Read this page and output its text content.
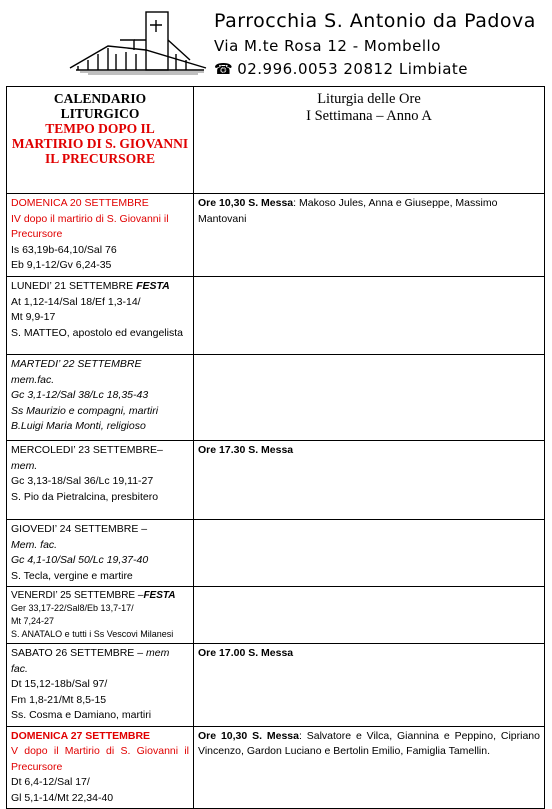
Parrocchia S. Antonio da Padova
Via M.te Rosa 12 - Mombello
☎ 02.996.0053 20812 Limbiate
CALENDARIO
LITURGICO
TEMPO DOPO IL MARTIRIO DI S. GIOVANNI IL PRECURSORE	Liturgia delle Ore
I Settimana – Anno A

DOMENICA 20 SETTEMBRE
IV dopo il martirio di S. Giovanni il Precursore
Is 63,19b-64,10/Sal 76
Eb 9,1-12/Gv 6,24-35	Ore 10,30 S. Messa: Makoso Jules, Anna e Giuseppe, Massimo Mantovani

LUNEDI’ 21 SETTEMBRE FESTA
At 1,12-14/Sal 18/Ef 1,3-14/
Mt 9,9-17
S. MATTEO, apostolo ed evangelista	

MARTEDI’ 22 SETTEMBRE
mem.fac.
Gc 3,1-12/Sal 38/Lc 18,35-43
Ss Maurizio e compagni, martiri
B.Luigi Maria Monti, religioso	

MERCOLEDI’ 23 SETTEMBRE–
mem.
Gc 3,13-18/Sal 36/Lc 19,11-27
S. Pio da Pietralcina, presbitero	Ore 17.30 S. Messa

GIOVEDI’ 24 SETTEMBRE –
Mem. fac.
Gc 4,1-10/Sal 50/Lc 19,37-40
S. Tecla, vergine e martire	

VENERDI’ 25 SETTEMBRE –FESTA
Ger 33,17-22/Sal8/Eb 13,7-17/
Mt 7,24-27
S. ANATALO e tutti i Ss Vescovi Milanesi	

SABATO 26 SETTEMBRE – mem fac.
Dt 15,12-18b/Sal 97/
Fm 1,8-21/Mt 8,5-15
Ss. Cosma e Damiano, martiri	Ore 17.00 S. Messa

DOMENICA 27 SETTEMBRE
V dopo il Martirio di S. Giovanni il Precursore
Dt 6,4-12/Sal 17/
Gl 5,1-14/Mt 22,34-40	Ore 10,30 S. Messa: Salvatore e Vilca, Giannina e Peppino, Cipriano Vincenzo, Gardon Luciano e Bertolin Emilio, Famiglia Tamellin.
